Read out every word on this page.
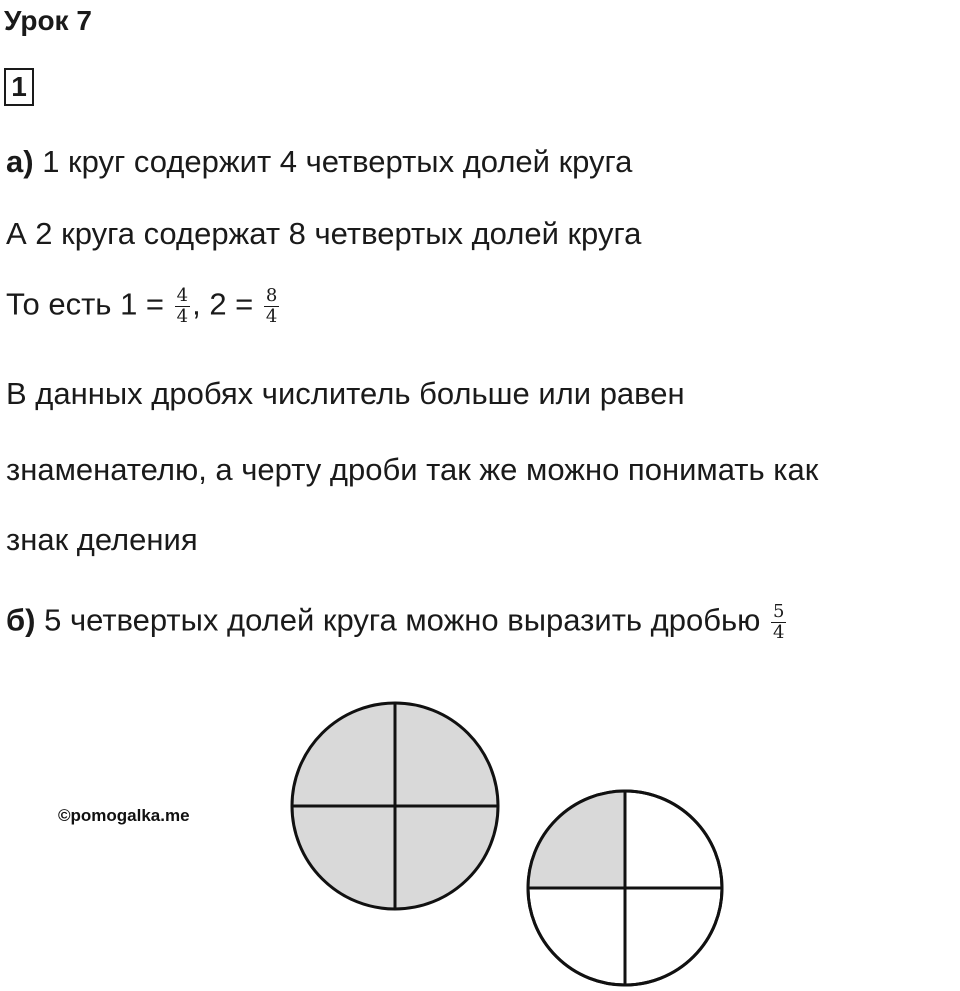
Урок 7
1
а) 1 круг содержит 4 четвертых долей круга
А 2 круга содержат 8 четвертых долей круга
То есть $1 = \frac{4}{4}$ , $2 = \frac{8}{4}$
В данных дробях числитель больше или равен
знаменателю, а черту дроби так же можно понимать как
знак деления
б) 5 четвертых долей круга можно выразить дробью $\frac{5}{4}$
©pomogalka.me
